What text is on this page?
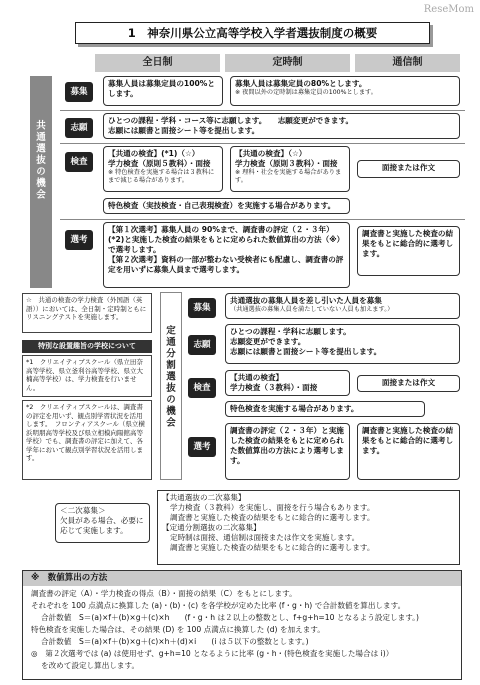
ReseMom
1　神奈川県公立高等学校入学者選抜制度の概要
全日制	定時制	通信制
共通選抜の機会
募集
募集人員は募集定員の100%とします。
募集人員は募集定員の80%とします。
※ 夜間以外の定時制は募集定員の100%とします。
志願
ひとつの課程・学科・コース等に志願します。　　志願変更ができます。
志願には願書と面接シート等を提出します。
検査
【共通の検査】(*1)（☆）
学力検査（原則５教科）・面接
※ 特色検査を実施する場合は３教科にまで減じる場合があります。
【共通の検査】（☆）
学力検査（原則３教科）・面接
※ 理科・社会を実施する場合があります。
面接または作文
特色検査（実技検査・自己表現検査）を実施する場合があります。
選考
【第１次選考】募集人員の 90%まで、調査書の評定（２・３年）(*2)と実施した検査の結果をもとに定められた数値算出の方法（※）で選考します。
【第２次選考】資料の一部が整わない受検者にも配慮し、調査書の評定を用いずに募集人員まで選考します。
調査書と実施した検査の結果をもとに総合的に選考します。
☆　共通の検査の学力検査（外国語（英語））においては、全日制・定時制ともにリスニングテストを実施します。
特別な設置趣旨の学校について
*1　クリエイティブスクール（県立田奈高等学校、県立釜利谷高等学校、県立大楠高等学校）は、学力検査を行いません。
*2　クリエイティブスクールは、調査書の評定を用いず、観点別学習状況を活用します。　フロンティアスクール（県立横浜明朋高等学校及び県立相模向陽館高等学校）でも、調査書の評定に加えて、各学年において観点別学習状況を活用します。
定通分割選抜の機会
募集
共通選抜の募集人員を差し引いた人員を募集
（共通選抜の募集人員を満たしていない人員も加えます。）
志願
ひとつの課程・学科に志願します。
志願変更ができます。
志願には願書と面接シート等を提出します。
検査
【共通の検査】
学力検査（３教科）・面接
面接または作文
特色検査を実施する場合があります。
選考
調査書の評定（２・３年）と実施した検査の結果をもとに定められた数値算出の方法により選考します。
調査書と実施した検査の結果をもとに総合的に選考します。
＜二次募集＞
欠員がある場合、必要に応じて実施します。
【共通選抜の二次募集】
学力検査（３教科）を実施し、面接を行う場合もあります。
調査書と実施した検査の結果をもとに総合的に選考します。
【定通分割選抜の二次募集】
定時制は面接、通信制は面接または作文を実施します。
調査書と実施した検査の結果をもとに総合的に選考します。
※　数値算出の方法
調査書の評定（A）・学力検査の得点（B）・面接の結果（C）をもとにします。
それぞれを 100 点満点に換算した (a)・(b)・(c) を各学校が定めた比率 (f・g・h) で合計数値を算出します。
合計数値　S＝(a)×f＋(b)×g＋(c)×h　　(f・g・h は２以上の整数とし、f+g+h=10 となるよう設定します。)
特色検査を実施した場合は、その結果 (D) を 100 点満点に換算した (d) を加えます。
合計数値　S＝(a)×f＋(b)×g＋(c)×h＋(d)×i　　(i は５以下の整数とします。)
◎　第２次選考では (a) は使用せず、g+h=10 となるように比率 (g・h・(特色検査を実施した場合は i)）
を改めて設定し算出します。
